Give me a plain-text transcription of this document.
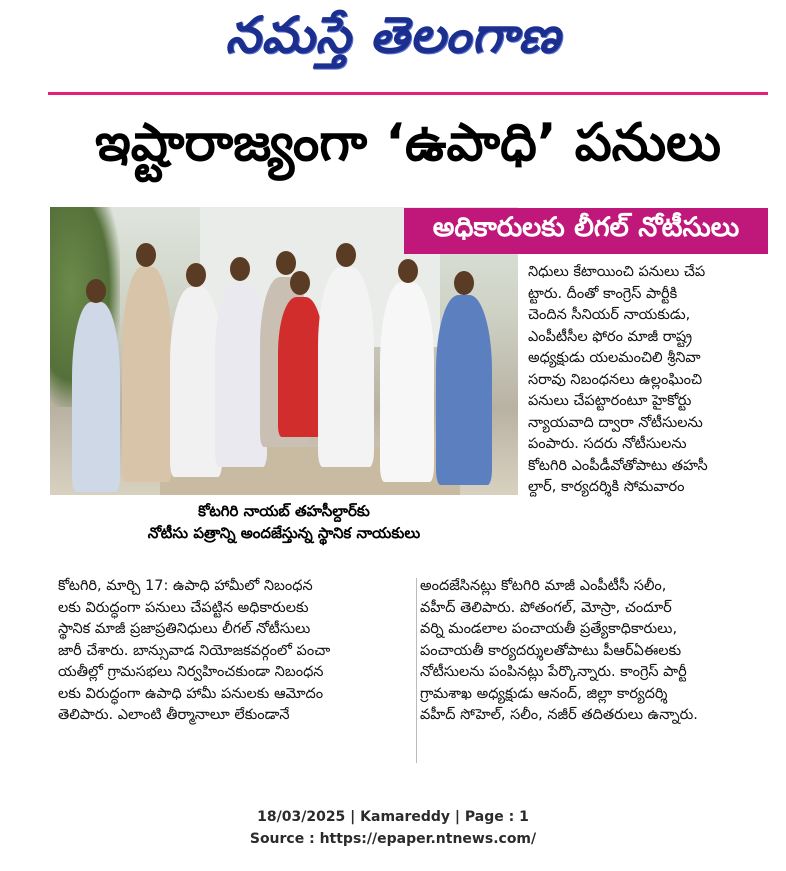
నమస్తే తెలంగాణ
ఇష్టారాజ్యంగా ‘ఉపాధి’ పనులు
అధికారులకు లీగల్ నోటీసులు
కోటగిరి నాయబ్ తహసీల్దార్‌కు
నోటీసు పత్రాన్ని అందజేస్తున్న స్థానిక నాయకులు
నిధులు కేటాయించి పనులు చేప
ట్టారు. దీంతో కాంగ్రెస్ పార్టీకి
చెందిన సీనియర్ నాయకుడు,
ఎంపీటీసీల ఫోరం మాజీ రాష్ట్ర
అధ్యక్షుడు యలమంచిలి శ్రీనివా
సరావు నిబంధనలు ఉల్లంఘించి
పనులు చేపట్టారంటూ హైకోర్టు
న్యాయవాది ద్వారా నోటీసులను
పంపారు. సదరు నోటీసులను
కోటగిరి ఎంపీడీవోతోపాటు తహసీ
ల్దార్, కార్యదర్శికి సోమవారం
కోటగిరి, మార్చి 17: ఉపాధి హామీలో నిబంధన
లకు విరుద్ధంగా పనులు చేపట్టిన అధికారులకు
స్థానిక మాజీ ప్రజాప్రతినిధులు లీగల్ నోటీసులు
జారీ చేశారు. బాన్సువాడ నియోజకవర్గంలో పంచా
యతీల్లో గ్రామసభలు నిర్వహించకుండా నిబంధన
లకు విరుద్ధంగా ఉపాధి హామీ పనులకు ఆమోదం
తెలిపారు. ఎలాంటి తీర్మానాలూ లేకుండానే
అందజేసినట్లు కోటగిరి మాజీ ఎంపీటీసీ సలీం,
వహీద్ తెలిపారు. పోతంగల్, మోస్రా, చందూర్
వర్ని మండలాల పంచాయతీ ప్రత్యేకాధికారులు,
పంచాయతీ కార్యదర్శులతోపాటు పీఆర్ఏఈలకు
నోటీసులను పంపినట్లు పేర్కొన్నారు. కాంగ్రెస్ పార్టీ
గ్రామశాఖ అధ్యక్షుడు ఆనంద్, జిల్లా కార్యదర్శి
వహీద్ సోహెల్, సలీం, నజీర్ తదితరులు ఉన్నారు.
18/03/2025 | Kamareddy | Page : 1
Source : https://epaper.ntnews.com/
